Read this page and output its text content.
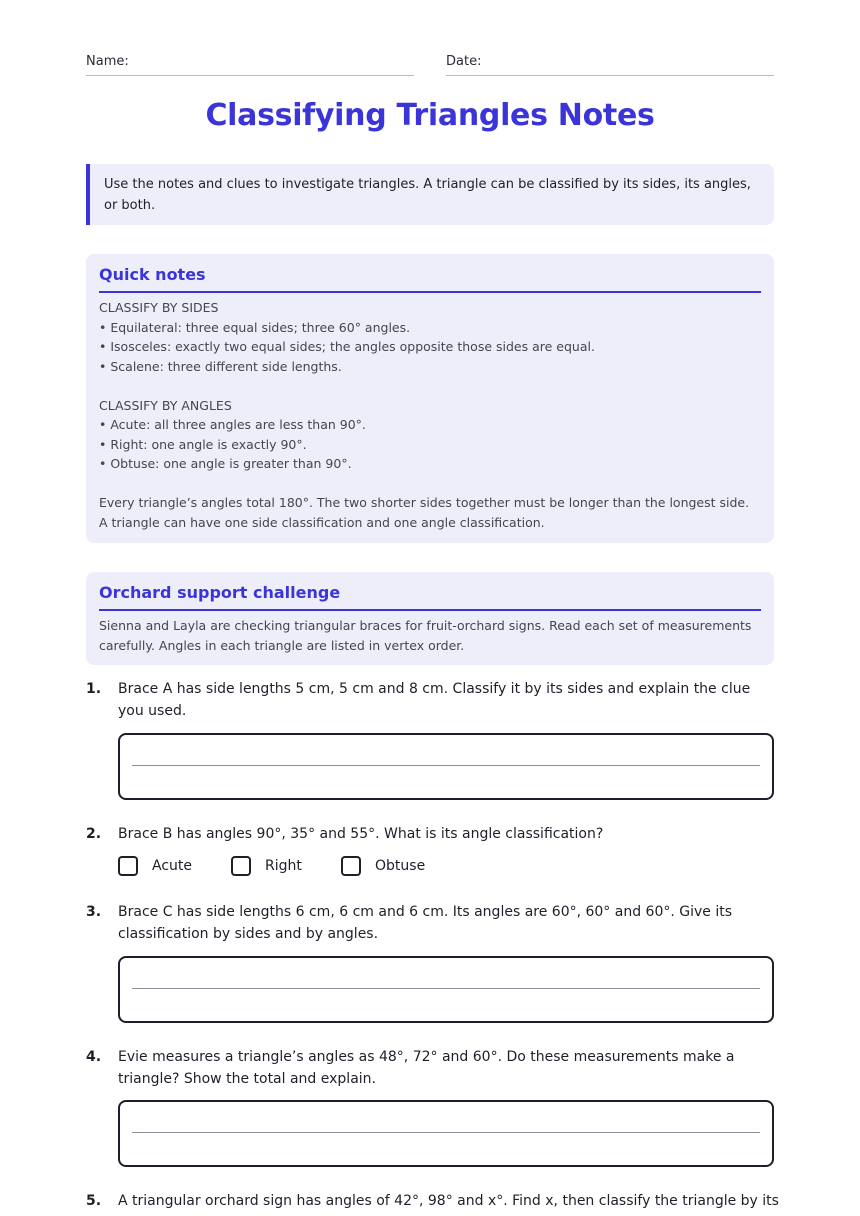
Name:	Date:
Classifying Triangles Notes
Use the notes and clues to investigate triangles. A triangle can be classified by its sides, its angles, or both.
Quick notes
CLASSIFY BY SIDES
• Equilateral: three equal sides; three 60° angles.
• Isosceles: exactly two equal sides; the angles opposite those sides are equal.
• Scalene: three different side lengths.
CLASSIFY BY ANGLES
• Acute: all three angles are less than 90°.
• Right: one angle is exactly 90°.
• Obtuse: one angle is greater than 90°.
Every triangle’s angles total 180°. The two shorter sides together must be longer than the longest side. A triangle can have one side classification and one angle classification.
Orchard support challenge
Sienna and Layla are checking triangular braces for fruit-orchard signs. Read each set of measurements carefully. Angles in each triangle are listed in vertex order.
1. Brace A has side lengths 5 cm, 5 cm and 8 cm. Classify it by its sides and explain the clue you used.
2. Brace B has angles 90°, 35° and 55°. What is its angle classification?
Acute	Right	Obtuse
3. Brace C has side lengths 6 cm, 6 cm and 6 cm. Its angles are 60°, 60° and 60°. Give its classification by sides and by angles.
4. Evie measures a triangle’s angles as 48°, 72° and 60°. Do these measurements make a triangle? Show the total and explain.
5. A triangular orchard sign has angles of 42°, 98° and x°. Find x, then classify the triangle by its
